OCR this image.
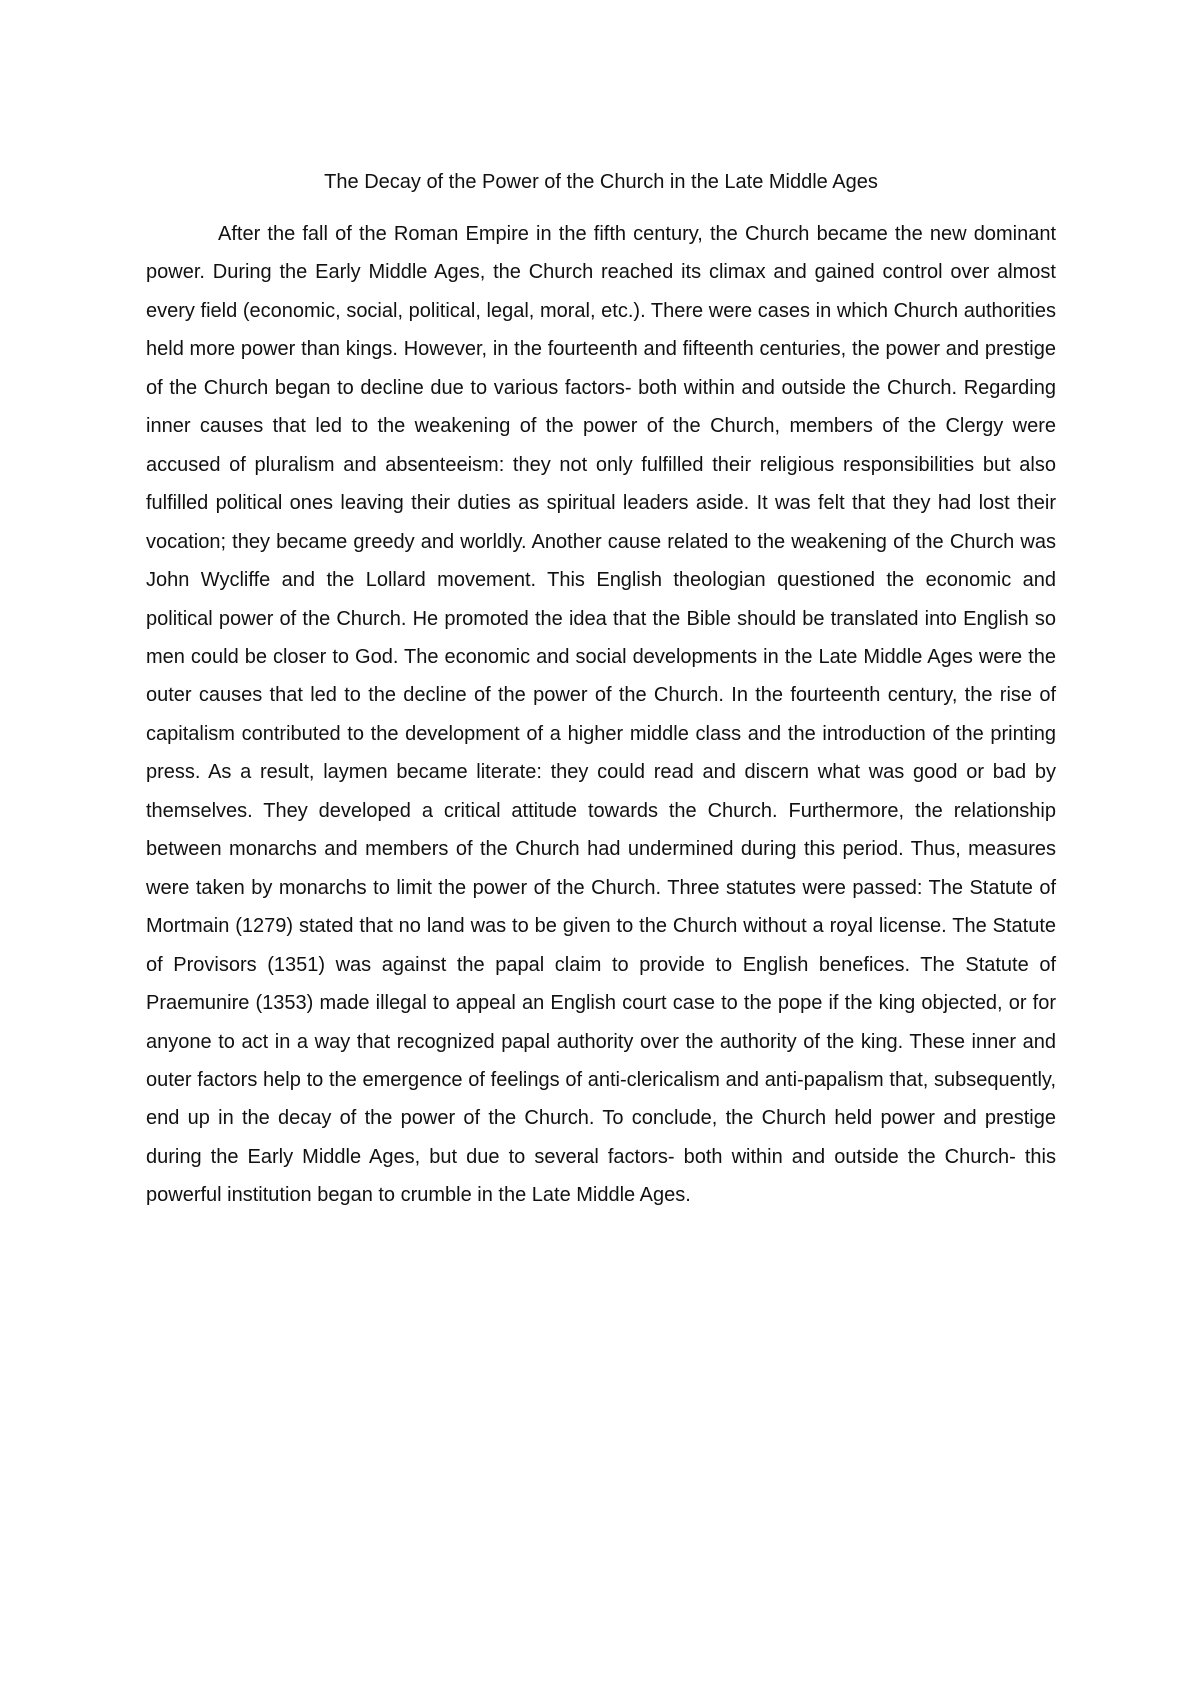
The Decay of the Power of the Church in the Late Middle Ages

After the fall of the Roman Empire in the fifth century, the Church became the new dominant power. During the Early Middle Ages, the Church reached its climax and gained control over almost every field (economic, social, political, legal, moral, etc.). There were cases in which Church authorities held more power than kings. However, in the fourteenth and fifteenth centuries, the power and prestige of the Church began to decline due to various factors- both within and outside the Church. Regarding inner causes that led to the weakening of the power of the Church, members of the Clergy were accused of pluralism and absenteeism: they not only fulfilled their religious responsibilities but also fulfilled political ones leaving their duties as spiritual leaders aside. It was felt that they had lost their vocation; they became greedy and worldly. Another cause related to the weakening of the Church was John Wycliffe and the Lollard movement. This English theologian questioned the economic and political power of the Church. He promoted the idea that the Bible should be translated into English so men could be closer to God. The economic and social developments in the Late Middle Ages were the outer causes that led to the decline of the power of the Church. In the fourteenth century, the rise of capitalism contributed to the development of a higher middle class and the introduction of the printing press. As a result, laymen became literate: they could read and discern what was good or bad by themselves. They developed a critical attitude towards the Church. Furthermore, the relationship between monarchs and members of the Church had undermined during this period. Thus, measures were taken by monarchs to limit the power of the Church. Three statutes were passed: The Statute of Mortmain (1279) stated that no land was to be given to the Church without a royal license. The Statute of Provisors (1351) was against the papal claim to provide to English benefices. The Statute of Praemunire (1353) made illegal to appeal an English court case to the pope if the king objected, or for anyone to act in a way that recognized papal authority over the authority of the king. These inner and outer factors help to the emergence of feelings of anti-clericalism and anti-papalism that, subsequently, end up in the decay of the power of the Church. To conclude, the Church held power and prestige during the Early Middle Ages, but due to several factors- both within and outside the Church- this powerful institution began to crumble in the Late Middle Ages.
